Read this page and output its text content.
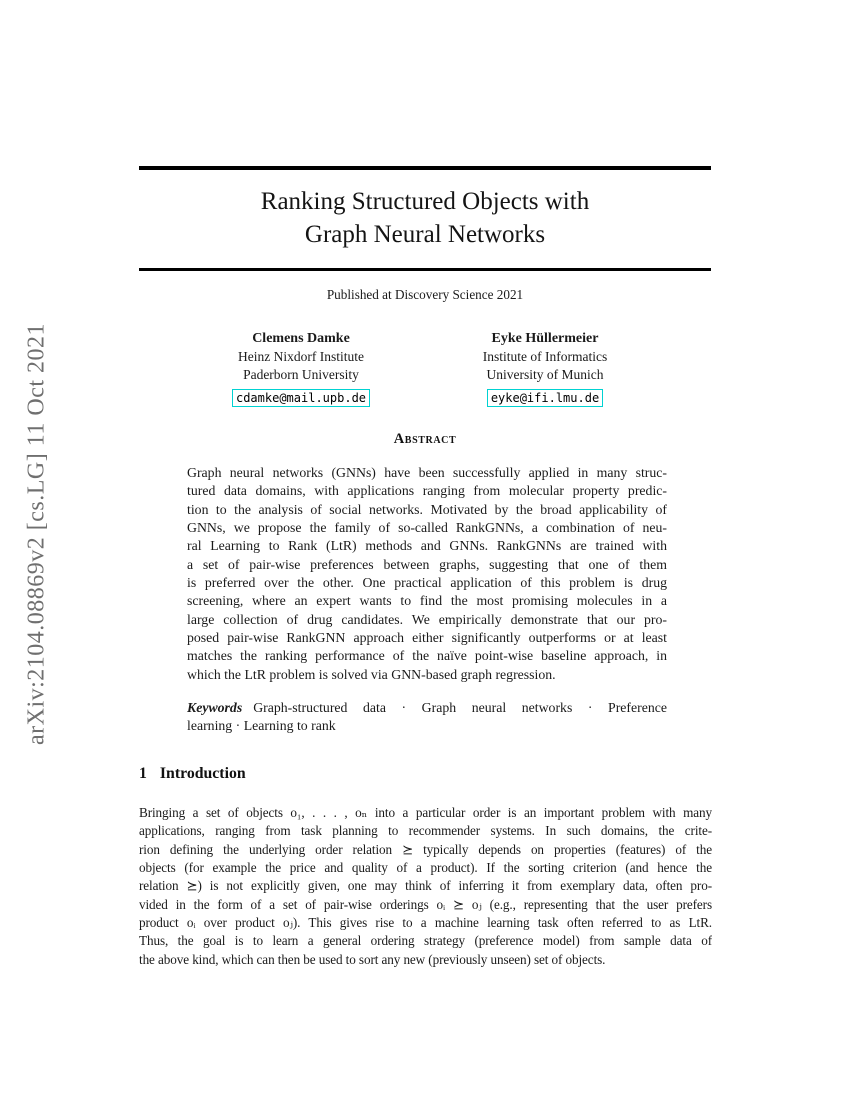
arXiv:2104.08869v2 [cs.LG] 11 Oct 2021
Ranking Structured Objects with
Graph Neural Networks
Published at Discovery Science 2021
Clemens Damke
Heinz Nixdorf Institute
Paderborn University
cdamke@mail.upb.de
Eyke Hüllermeier
Institute of Informatics
University of Munich
eyke@ifi.lmu.de
Abstract
Graph neural networks (GNNs) have been successfully applied in many struc-
tured data domains, with applications ranging from molecular property predic-
tion to the analysis of social networks. Motivated by the broad applicability of
GNNs, we propose the family of so-called RankGNNs, a combination of neu-
ral Learning to Rank (LtR) methods and GNNs. RankGNNs are trained with
a set of pair-wise preferences between graphs, suggesting that one of them
is preferred over the other. One practical application of this problem is drug
screening, where an expert wants to find the most promising molecules in a
large collection of drug candidates. We empirically demonstrate that our pro-
posed pair-wise RankGNN approach either significantly outperforms or at least
matches the ranking performance of the naïve point-wise baseline approach, in
which the LtR problem is solved via GNN-based graph regression.
Keywords Graph-structured data · Graph neural networks · Preference
learning · Learning to rank
1 Introduction
Bringing a set of objects o₁, . . . , oₙ into a particular order is an important problem with many
applications, ranging from task planning to recommender systems. In such domains, the crite-
rion defining the underlying order relation ⪰ typically depends on properties (features) of the
objects (for example the price and quality of a product). If the sorting criterion (and hence the
relation ⪰) is not explicitly given, one may think of inferring it from exemplary data, often pro-
vided in the form of a set of pair-wise orderings oᵢ ⪰ oⱼ (e.g., representing that the user prefers
product oᵢ over product oⱼ). This gives rise to a machine learning task often referred to as LtR.
Thus, the goal is to learn a general ordering strategy (preference model) from sample data of
the above kind, which can then be used to sort any new (previously unseen) set of objects.
